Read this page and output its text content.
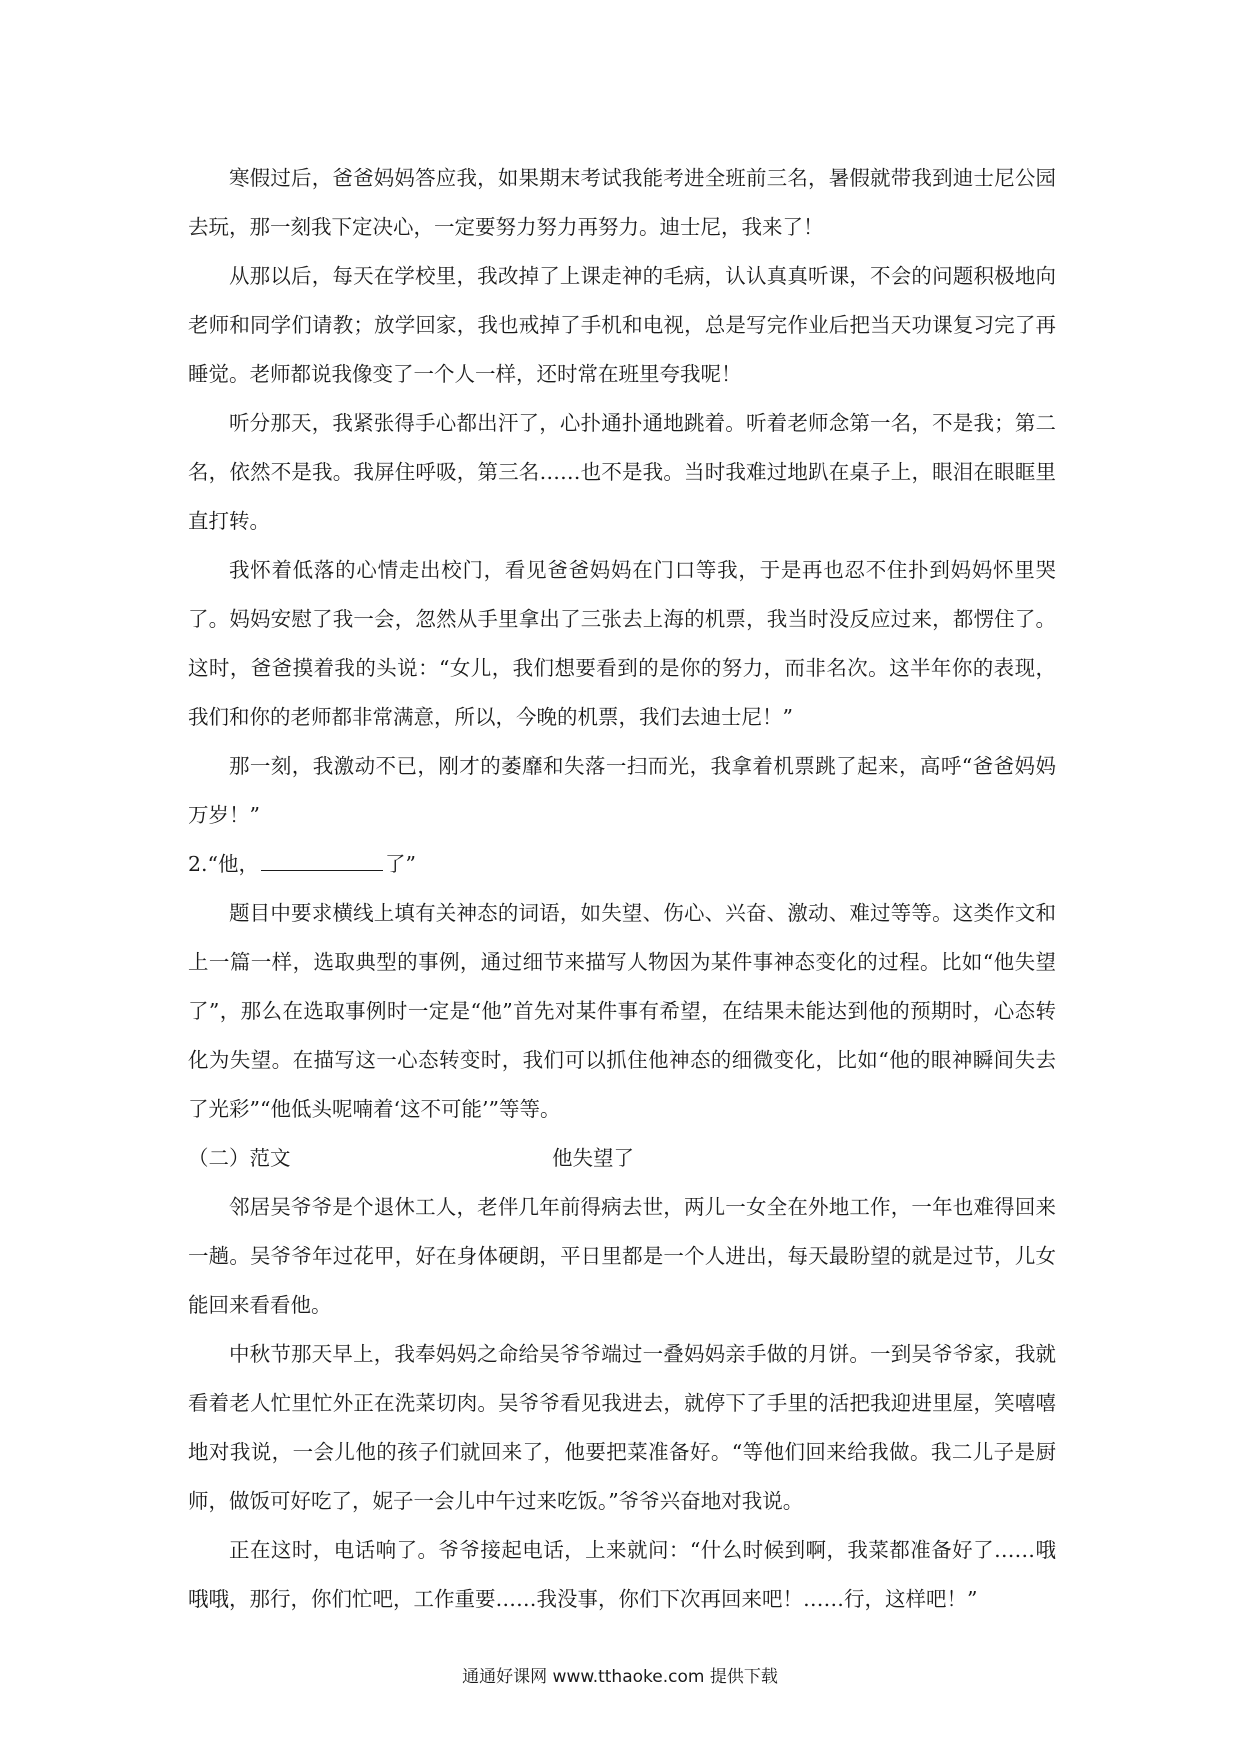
寒假过后，爸爸妈妈答应我，如果期末考试我能考进全班前三名，暑假就带我到迪士尼公园去玩，那一刻我下定决心，一定要努力努力再努力。迪士尼，我来了！

从那以后，每天在学校里，我改掉了上课走神的毛病，认认真真听课，不会的问题积极地向老师和同学们请教；放学回家，我也戒掉了手机和电视，总是写完作业后把当天功课复习完了再睡觉。老师都说我像变了一个人一样，还时常在班里夸我呢！

听分那天，我紧张得手心都出汗了，心扑通扑通地跳着。听着老师念第一名，不是我；第二名，依然不是我。我屏住呼吸，第三名……也不是我。当时我难过地趴在桌子上，眼泪在眼眶里直打转。

我怀着低落的心情走出校门，看见爸爸妈妈在门口等我，于是再也忍不住扑到妈妈怀里哭了。妈妈安慰了我一会，忽然从手里拿出了三张去上海的机票，我当时没反应过来，都愣住了。这时，爸爸摸着我的头说：“女儿，我们想要看到的是你的努力，而非名次。这半年你的表现，我们和你的老师都非常满意，所以，今晚的机票，我们去迪士尼！”

那一刻，我激动不已，刚才的萎靡和失落一扫而光，我拿着机票跳了起来，高呼“爸爸妈妈万岁！”

2.“他，	了”

题目中要求横线上填有关神态的词语，如失望、伤心、兴奋、激动、难过等等。这类作文和上一篇一样，选取典型的事例，通过细节来描写人物因为某件事神态变化的过程。比如“他失望了”，那么在选取事例时一定是“他”首先对某件事有希望，在结果未能达到他的预期时，心态转化为失望。在描写这一心态转变时，我们可以抓住他神态的细微变化，比如“他的眼神瞬间失去了光彩”“他低头呢喃着‘这不可能’”等等。

（二）范文	他失望了

邻居吴爷爷是个退休工人，老伴几年前得病去世，两儿一女全在外地工作，一年也难得回来一趟。吴爷爷年过花甲，好在身体硬朗，平日里都是一个人进出，每天最盼望的就是过节，儿女能回来看看他。

中秋节那天早上，我奉妈妈之命给吴爷爷端过一叠妈妈亲手做的月饼。一到吴爷爷家，我就看着老人忙里忙外正在洗菜切肉。吴爷爷看见我进去，就停下了手里的活把我迎进里屋，笑嘻嘻地对我说，一会儿他的孩子们就回来了，他要把菜准备好。“等他们回来给我做。我二儿子是厨师，做饭可好吃了，妮子一会儿中午过来吃饭。”爷爷兴奋地对我说。

正在这时，电话响了。爷爷接起电话，上来就问：“什么时候到啊，我菜都准备好了……哦哦哦，那行，你们忙吧，工作重要……我没事，你们下次再回来吧！……行，这样吧！”

通通好课网 www.tthaoke.com 提供下载
